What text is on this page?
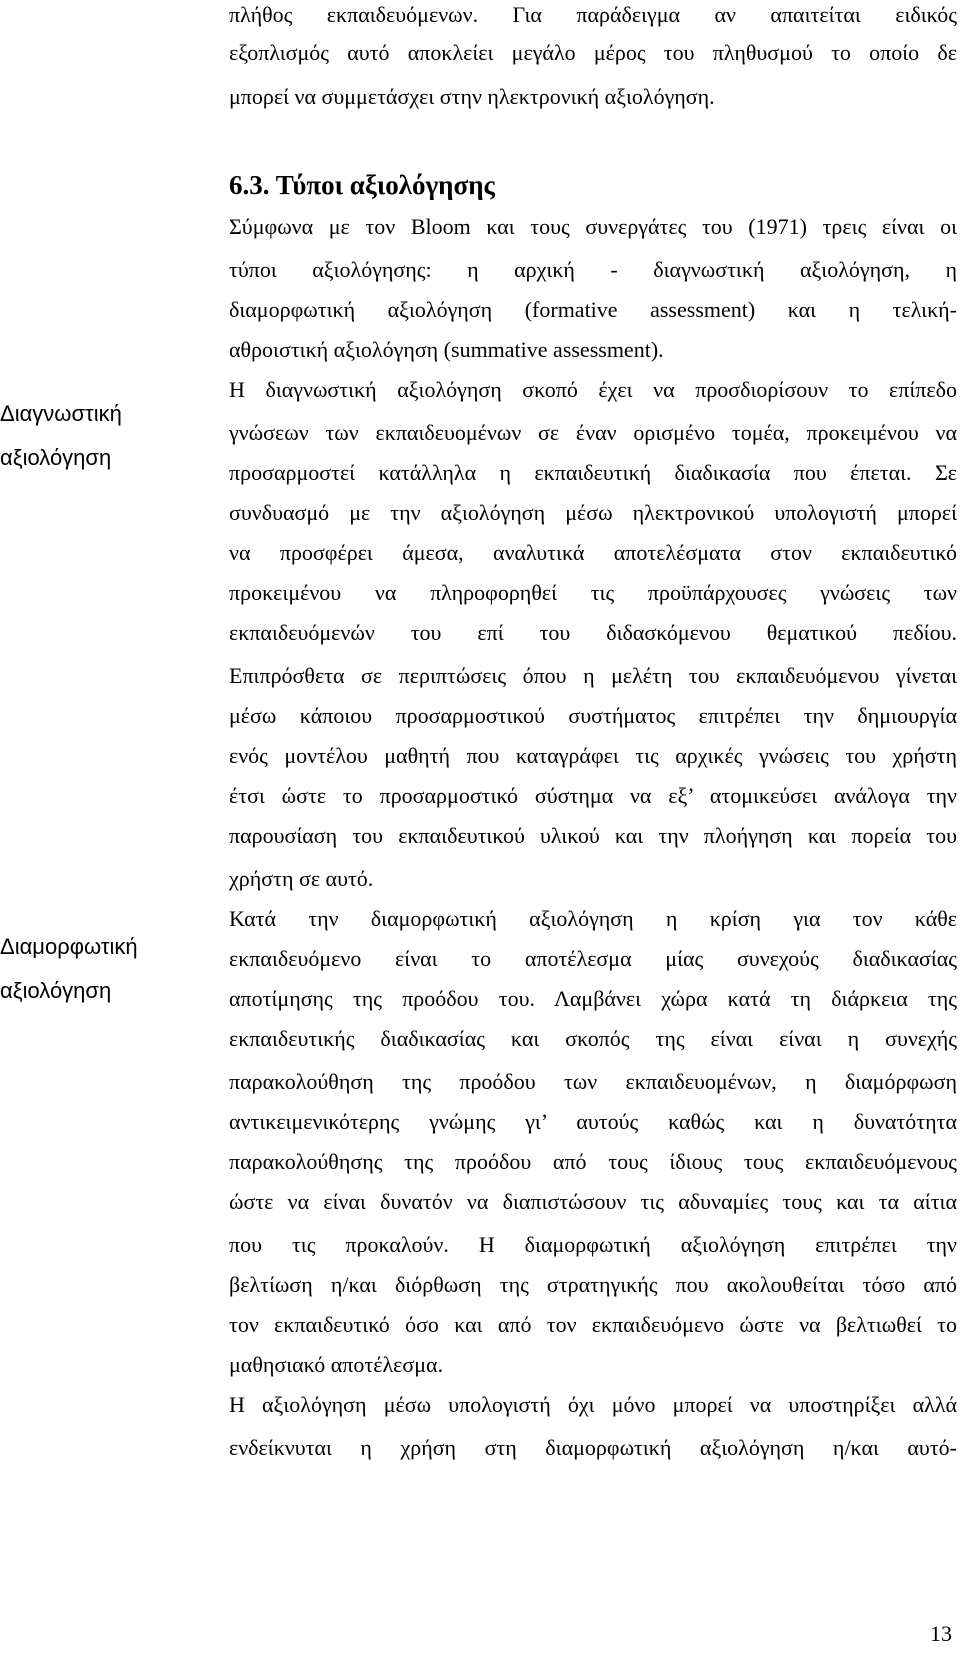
πλήθος εκπαιδευόμενων. Για παράδειγμα αν απαιτείται ειδικός
εξοπλισμός αυτό αποκλείει μεγάλο μέρος του πληθυσμού το οποίο δε
μπορεί να συμμετάσχει στην ηλεκτρονική αξιολόγηση.
6.3. Τύποι αξιολόγησης
Σύμφωνα με τον Bloom και τους συνεργάτες του (1971) τρεις είναι οι
τύποι αξιολόγησης: η αρχική - διαγνωστική αξιολόγηση, η
διαμορφωτική αξιολόγηση (formative assessment) και η τελική-
αθροιστική αξιολόγηση (summative assessment).
Η διαγνωστική αξιολόγηση σκοπό έχει να προσδιορίσουν το επίπεδο
γνώσεων των εκπαιδευομένων σε έναν ορισμένο τομέα, προκειμένου να
προσαρμοστεί κατάλληλα η εκπαιδευτική διαδικασία που έπεται. Σε
συνδυασμό με την αξιολόγηση μέσω ηλεκτρονικού υπολογιστή μπορεί
να προσφέρει άμεσα, αναλυτικά αποτελέσματα στον εκπαιδευτικό
προκειμένου να πληροφορηθεί τις προϋπάρχουσες γνώσεις των
εκπαιδευόμενών του επί του διδασκόμενου θεματικού πεδίου.
Επιπρόσθετα σε περιπτώσεις όπου η μελέτη του εκπαιδευόμενου γίνεται
μέσω κάποιου προσαρμοστικού συστήματος επιτρέπει την δημιουργία
ενός μοντέλου μαθητή που καταγράφει τις αρχικές γνώσεις του χρήστη
έτσι ώστε το προσαρμοστικό σύστημα να εξ’ ατομικεύσει ανάλογα την
παρουσίαση του εκπαιδευτικού υλικού και την πλοήγηση και πορεία του
χρήστη σε αυτό.
Κατά την διαμορφωτική αξιολόγηση η κρίση για τον κάθε
εκπαιδευόμενο είναι το αποτέλεσμα μίας συνεχούς διαδικασίας
αποτίμησης της προόδου του. Λαμβάνει χώρα κατά τη διάρκεια της
εκπαιδευτικής διαδικασίας και σκοπός της είναι είναι η συνεχής
παρακολούθηση της προόδου των εκπαιδευομένων, η διαμόρφωση
αντικειμενικότερης γνώμης γι’ αυτούς καθώς και η δυνατότητα
παρακολούθησης της προόδου από τους ίδιους τους εκπαιδευόμενους
ώστε να είναι δυνατόν να διαπιστώσουν τις αδυναμίες τους και τα αίτια
που τις προκαλούν. Η διαμορφωτική αξιολόγηση επιτρέπει την
βελτίωση η/και διόρθωση της στρατηγικής που ακολουθείται τόσο από
τον εκπαιδευτικό όσο και από τον εκπαιδευόμενο ώστε να βελτιωθεί το
μαθησιακό αποτέλεσμα.
Η αξιολόγηση μέσω υπολογιστή όχι μόνο μπορεί να υποστηρίξει αλλά
ενδείκνυται η χρήση στη διαμορφωτική αξιολόγηση η/και αυτό-
Διαγνωστική
αξιολόγηση
Διαμορφωτική
αξιολόγηση
13
